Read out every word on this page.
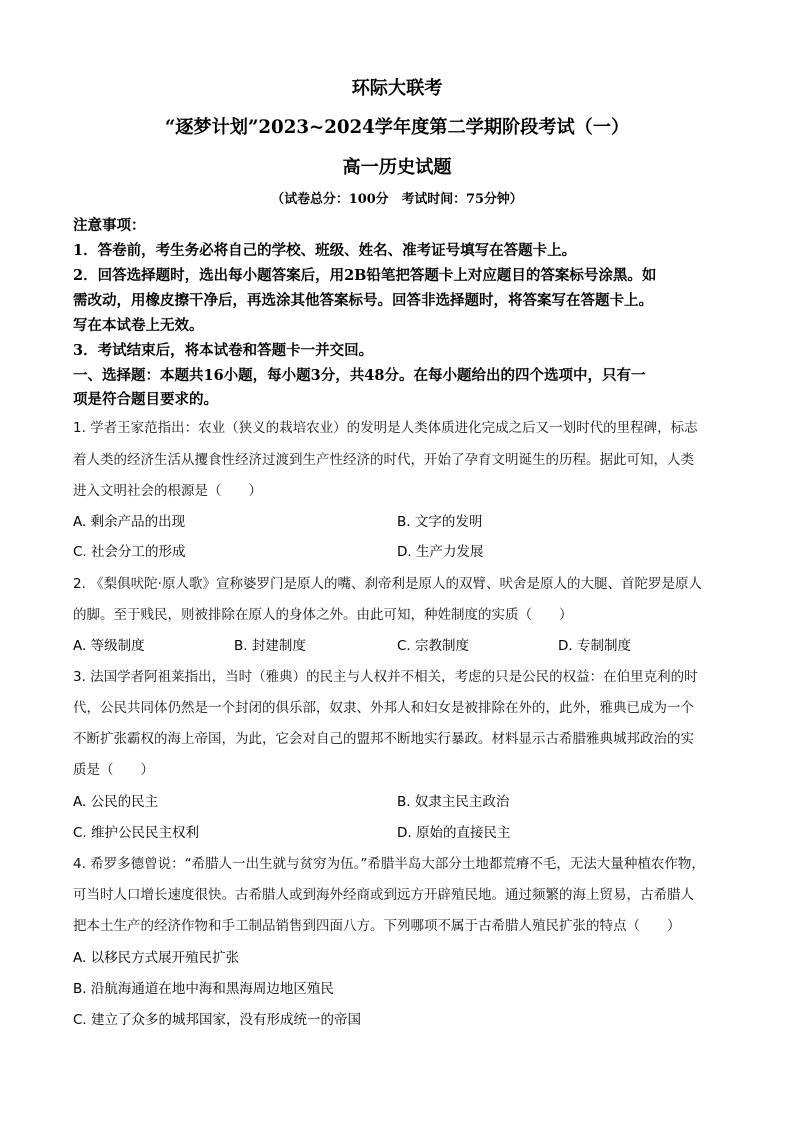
环际大联考
“逐梦计划”2023~2024学年度第二学期阶段考试（一）
高一历史试题
（试卷总分：100分　考试时间：75分钟）
注意事项：
1．答卷前，考生务必将自己的学校、班级、姓名、准考证号填写在答题卡上。
2．回答选择题时，选出每小题答案后，用2B铅笔把答题卡上对应题目的答案标号涂黑。如
需改动，用橡皮擦干净后，再选涂其他答案标号。回答非选择题时，将答案写在答题卡上。
写在本试卷上无效。
3．考试结束后，将本试卷和答题卡一并交回。
一、选择题：本题共16小题，每小题3分，共48分。在每小题给出的四个选项中，只有一
项是符合题目要求的。
1. 学者王家范指出：农业（狭义的栽培农业）的发明是人类体质进化完成之后又一划时代的里程碑，标志
着人类的经济生活从攫食性经济过渡到生产性经济的时代，开始了孕育文明诞生的历程。据此可知，人类
进入文明社会的根源是（　　）
A. 剩余产品的出现	B. 文字的发明
C. 社会分工的形成	D. 生产力发展
2. 《梨俱吠陀·原人歌》宣称婆罗门是原人的嘴、刹帝利是原人的双臂、吠舍是原人的大腿、首陀罗是原人
的脚。至于贱民，则被排除在原人的身体之外。由此可知，种姓制度的实质（　　）
A. 等级制度	B. 封建制度	C. 宗教制度	D. 专制制度
3. 法国学者阿祖莱指出，当时（雅典）的民主与人权并不相关，考虑的只是公民的权益：在伯里克利的时
代，公民共同体仍然是一个封闭的俱乐部，奴隶、外邦人和妇女是被排除在外的，此外，雅典已成为一个
不断扩张霸权的海上帝国，为此，它会对自己的盟邦不断地实行暴政。材料显示古希腊雅典城邦政治的实
质是（　　）
A. 公民的民主	B. 奴隶主民主政治
C. 维护公民民主权利	D. 原始的直接民主
4. 希罗多德曾说：“希腊人一出生就与贫穷为伍。”希腊半岛大部分土地都荒瘠不毛，无法大量种植农作物，
可当时人口增长速度很快。古希腊人或到海外经商或到远方开辟殖民地。通过频繁的海上贸易，古希腊人
把本土生产的经济作物和手工制品销售到四面八方。下列哪项不属于古希腊人殖民扩张的特点（　　）
A. 以移民方式展开殖民扩张
B. 沿航海通道在地中海和黑海周边地区殖民
C. 建立了众多的城邦国家，没有形成统一的帝国
